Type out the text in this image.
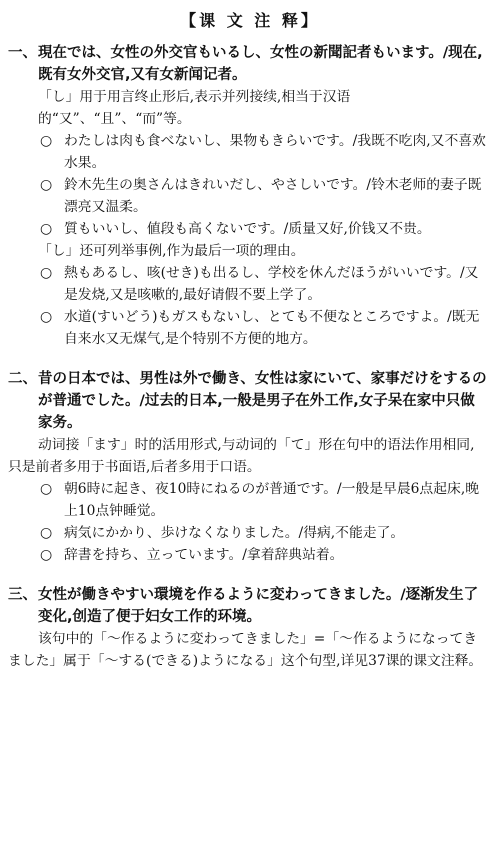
【课 文 注 释】
一、現在では、女性の外交官もいるし、女性の新聞記者もいます。/现在,既有女外交官,又有女新闻记者。
「し」用于用言终止形后,表示并列接续,相当于汉语的“又”、“且”、“而”等。
○ わたしは肉も食べないし、果物もきらいです。/我既不吃肉,又不喜欢水果。
○ 鈴木先生の奥さんはきれいだし、やさしいです。/铃木老师的妻子既漂亮又温柔。
○ 質もいいし、値段も高くないです。/质量又好,价钱又不贵。
「し」还可列举事例,作为最后一项的理由。
○ 熱もあるし、咳(せき)も出るし、学校を休んだほうがいいです。/又是发烧,又是咳嗽的,最好请假不要上学了。
○ 水道(すいどう)もガスもないし、とても不便なところですよ。/既无自来水又无煤气,是个特别不方便的地方。
二、昔の日本では、男性は外で働き、女性は家にいて、家事だけをするのが普通でした。/过去的日本,一般是男子在外工作,女子呆在家中只做家务。
动词接「ます」时的活用形式,与动词的「て」形在句中的语法作用相同,只是前者多用于书面语,后者多用于口语。
○ 朝6時に起き、夜10時にねるのが普通です。/一般是早晨6点起床,晚上10点钟睡觉。
○ 病気にかかり、歩けなくなりました。/得病,不能走了。
○ 辞書を持ち、立っています。/拿着辞典站着。
三、女性が働きやすい環境を作るように変わってきました。/逐渐发生了变化,创造了便于妇女工作的环境。
该句中的「～作るように変わってきました」=「～作るようになってきました」属于「～する(できる)ようになる」这个句型,详见37课的课文注释。
